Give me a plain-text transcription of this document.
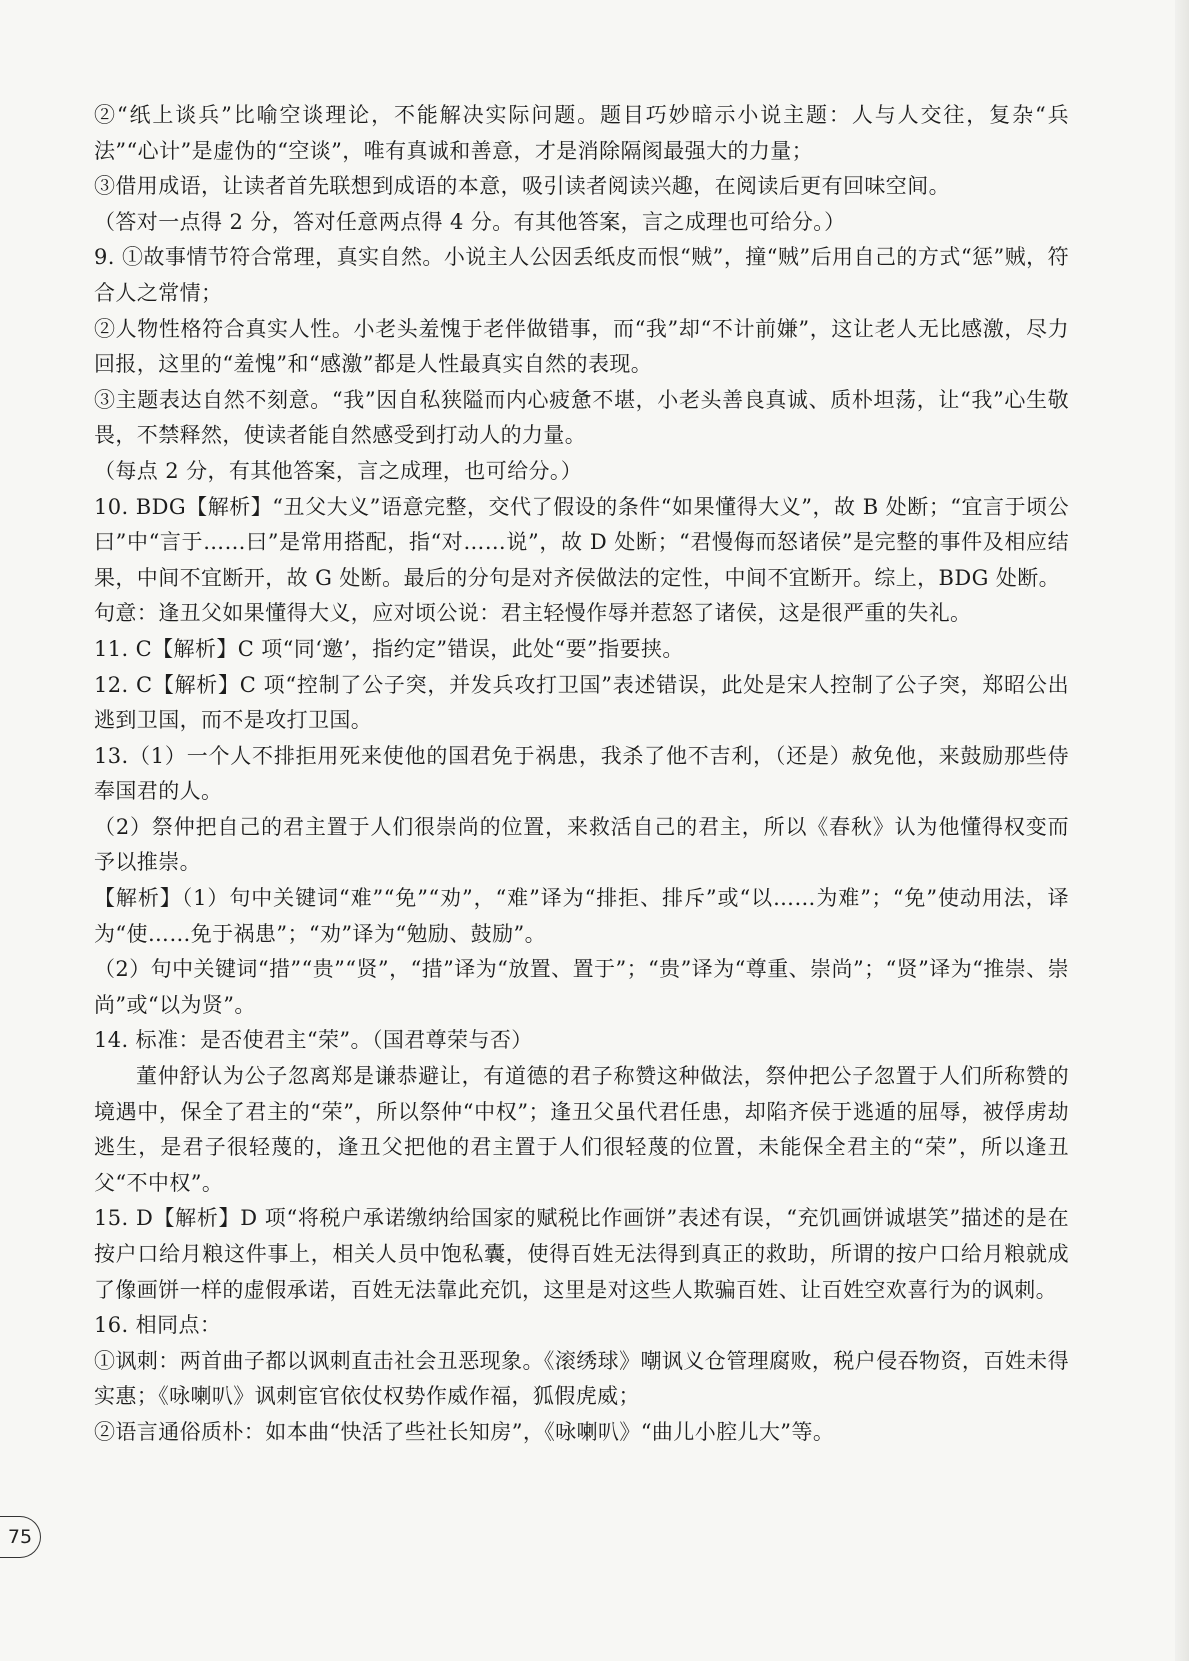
②“纸上谈兵”比喻空谈理论，不能解决实际问题。题目巧妙暗示小说主题：人与人交往，复杂“兵法”“心计”是虚伪的“空谈”，唯有真诚和善意，才是消除隔阂最强大的力量；

③借用成语，让读者首先联想到成语的本意，吸引读者阅读兴趣，在阅读后更有回味空间。

（答对一点得 2 分，答对任意两点得 4 分。有其他答案，言之成理也可给分。）

9. ①故事情节符合常理，真实自然。小说主人公因丢纸皮而恨“贼”，撞“贼”后用自己的方式“惩”贼，符合人之常情；

②人物性格符合真实人性。小老头羞愧于老伴做错事，而“我”却“不计前嫌”，这让老人无比感激，尽力回报，这里的“羞愧”和“感激”都是人性最真实自然的表现。

③主题表达自然不刻意。“我”因自私狭隘而内心疲惫不堪，小老头善良真诚、质朴坦荡，让“我”心生敬畏，不禁释然，使读者能自然感受到打动人的力量。

（每点 2 分，有其他答案，言之成理，也可给分。）

10. BDG【解析】“丑父大义”语意完整，交代了假设的条件“如果懂得大义”，故 B 处断；“宜言于顷公曰”中“言于……曰”是常用搭配，指“对……说”，故 D 处断；“君慢侮而怒诸侯”是完整的事件及相应结果，中间不宜断开，故 G 处断。最后的分句是对齐侯做法的定性，中间不宜断开。综上，BDG 处断。

句意：逢丑父如果懂得大义，应对顷公说：君主轻慢作辱并惹怒了诸侯，这是很严重的失礼。

11. C【解析】C 项“同‘邀’，指约定”错误，此处“要”指要挟。

12. C【解析】C 项“控制了公子突，并发兵攻打卫国”表述错误，此处是宋人控制了公子突，郑昭公出逃到卫国，而不是攻打卫国。

13.（1）一个人不排拒用死来使他的国君免于祸患，我杀了他不吉利，（还是）赦免他，来鼓励那些侍奉国君的人。

（2）祭仲把自己的君主置于人们很崇尚的位置，来救活自己的君主，所以《春秋》认为他懂得权变而予以推崇。

【解析】（1）句中关键词“难”“免”“劝”，“难”译为“排拒、排斥”或“以……为难”；“免”使动用法，译为“使……免于祸患”；“劝”译为“勉励、鼓励”。

（2）句中关键词“措”“贵”“贤”，“措”译为“放置、置于”；“贵”译为“尊重、崇尚”；“贤”译为“推崇、崇尚”或“以为贤”。

14. 标准：是否使君主“荣”。（国君尊荣与否）

董仲舒认为公子忽离郑是谦恭避让，有道德的君子称赞这种做法，祭仲把公子忽置于人们所称赞的境遇中，保全了君主的“荣”，所以祭仲“中权”；逢丑父虽代君任患，却陷齐侯于逃遁的屈辱，被俘虏劫逃生，是君子很轻蔑的，逢丑父把他的君主置于人们很轻蔑的位置，未能保全君主的“荣”，所以逢丑父“不中权”。

15. D【解析】D 项“将税户承诺缴纳给国家的赋税比作画饼”表述有误，“充饥画饼诚堪笑”描述的是在按户口给月粮这件事上，相关人员中饱私囊，使得百姓无法得到真正的救助，所谓的按户口给月粮就成了像画饼一样的虚假承诺，百姓无法靠此充饥，这里是对这些人欺骗百姓、让百姓空欢喜行为的讽刺。

16. 相同点：

①讽刺：两首曲子都以讽刺直击社会丑恶现象。《滚绣球》嘲讽义仓管理腐败，税户侵吞物资，百姓未得实惠；《咏喇叭》讽刺宦官依仗权势作威作福，狐假虎威；

②语言通俗质朴：如本曲“快活了些社长知房”，《咏喇叭》“曲儿小腔儿大”等。

75
